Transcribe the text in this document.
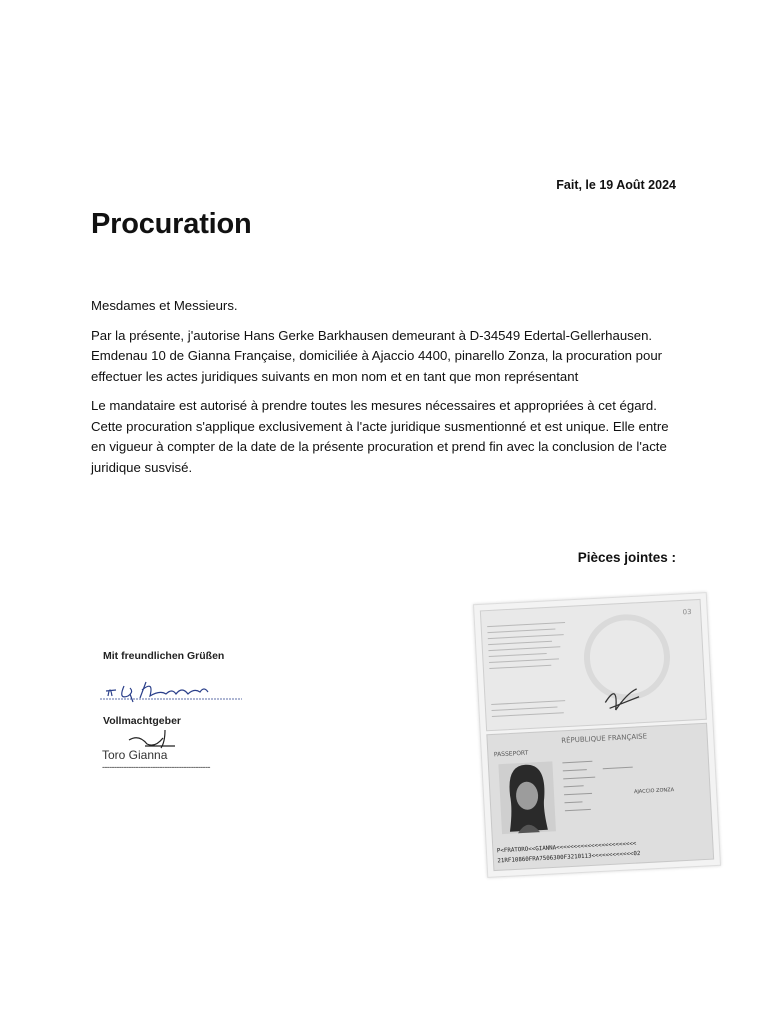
Fait, le 19 Août 2024
Procuration

Mesdames et Messieurs.

Par la présente, j'autorise Hans Gerke Barkhausen demeurant à D-34549 Edertal-Gellerhausen. Emdenau 10 de Gianna Française, domiciliée à Ajaccio 4400, pinarello Zonza, la procuration pour effectuer les actes juridiques suivants en mon nom et en tant que mon représentant

Le mandataire est autorisé à prendre toutes les mesures nécessaires et appropriées à cet égard. Cette procuration s'applique exclusivement à l'acte juridique susmentionné et est unique. Elle entre en vigueur à compter de la date de la présente procuration et prend fin avec la conclusion de l'acte juridique susvisé.

Pièces jointes :
Mit freundlichen Grüßen
Vollmachtgeber
Toro Gianna
---------------------------------------------
03
RÉPUBLIQUE FRANÇAISE
PASSEPORT
AJACCIO ZONZA
P<FRATORO<<GIANNA<<<<<<<<<<<<<<<<<<<<<<<
21RF10860FRA7506300F3210113<<<<<<<<<<<<02
